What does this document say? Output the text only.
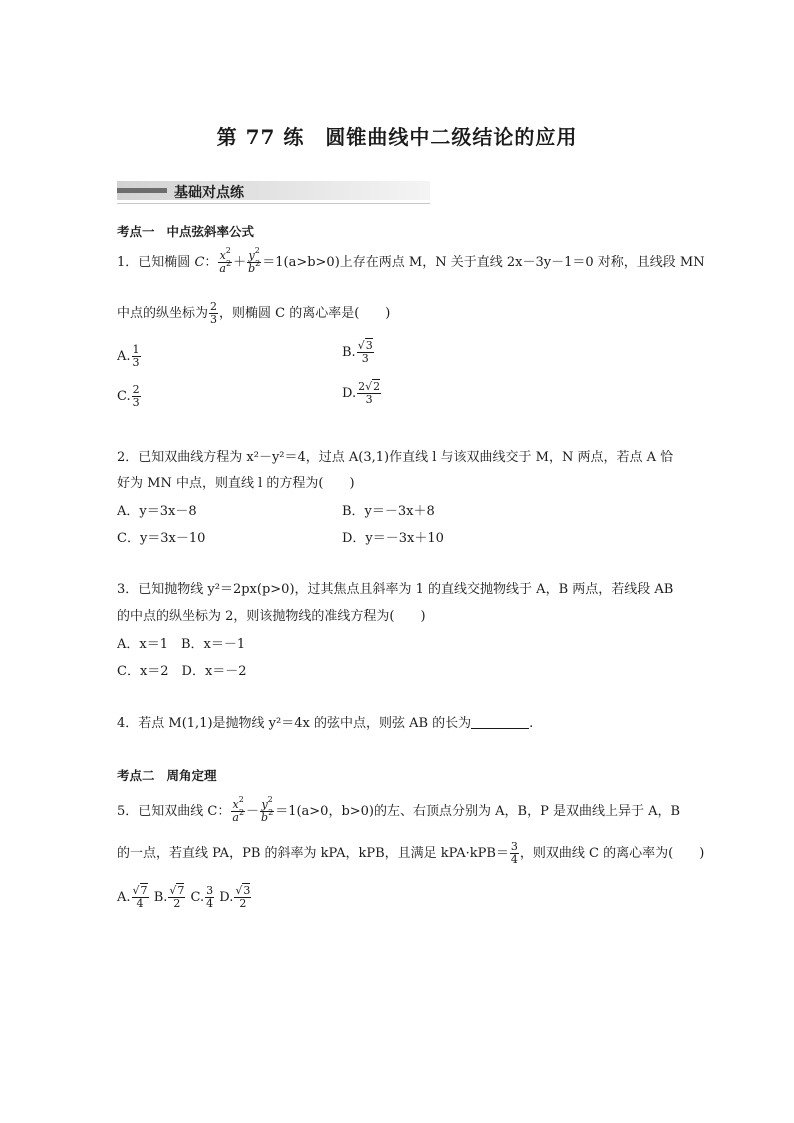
第 77 练　圆锥曲线中二级结论的应用
基础对点练
考点一 中点弦斜率公式
1．已知椭圆 C： $\frac{x^2}{a^2} + \frac{y^2}{b^2} =1(a>b>0)$上存在两点 M，N 关于直线 2x－3y－1＝0 对称，且线段 MN
中点的纵坐标为 $\frac{2}{3}$ ，则椭圆 C 的离心率是(　　)
A. $\frac{1}{3}$	B. $\frac{√3}{3}$
C. $\frac{2}{3}$	D. $\frac{2√2}{3}$
2．已知双曲线方程为 x²－y²＝4，过点 A(3,1)作直线 l 与该双曲线交于 M，N 两点，若点 A 恰
好为 MN 中点，则直线 l 的方程为(　　)
A．y＝3x－8	B．y＝－3x＋8
C．y＝3x－10	D．y＝－3x＋10
3．已知抛物线 y²＝2px(p>0)，过其焦点且斜率为 1 的直线交抛物线于 A，B 两点，若线段 AB
的中点的纵坐标为 2，则该抛物线的准线方程为(　　)
A．x＝1　B．x＝－1
C．x＝2　D．x＝－2
4．若点 M(1,1)是抛物线 y²＝4x 的弦中点，则弦 AB 的长为	.
考点二 周角定理
5．已知双曲线 C： $\frac{x^2}{a^2} - \frac{y^2}{b^2} =1(a>0$，b>0)的左、右顶点分别为 A，B，P 是双曲线上异于 A，B
的一点，若直线 PA，PB 的斜率为 kPA，kPB，且满足 $kPA\cdot kPB= \frac{3}{4}$ ，则双曲线 C 的离心率为(　　)
A. $\frac{√7}{4} B$. $\frac{√7}{2} C$. $\frac{3}{4} D$. $\frac{√3}{2}$
